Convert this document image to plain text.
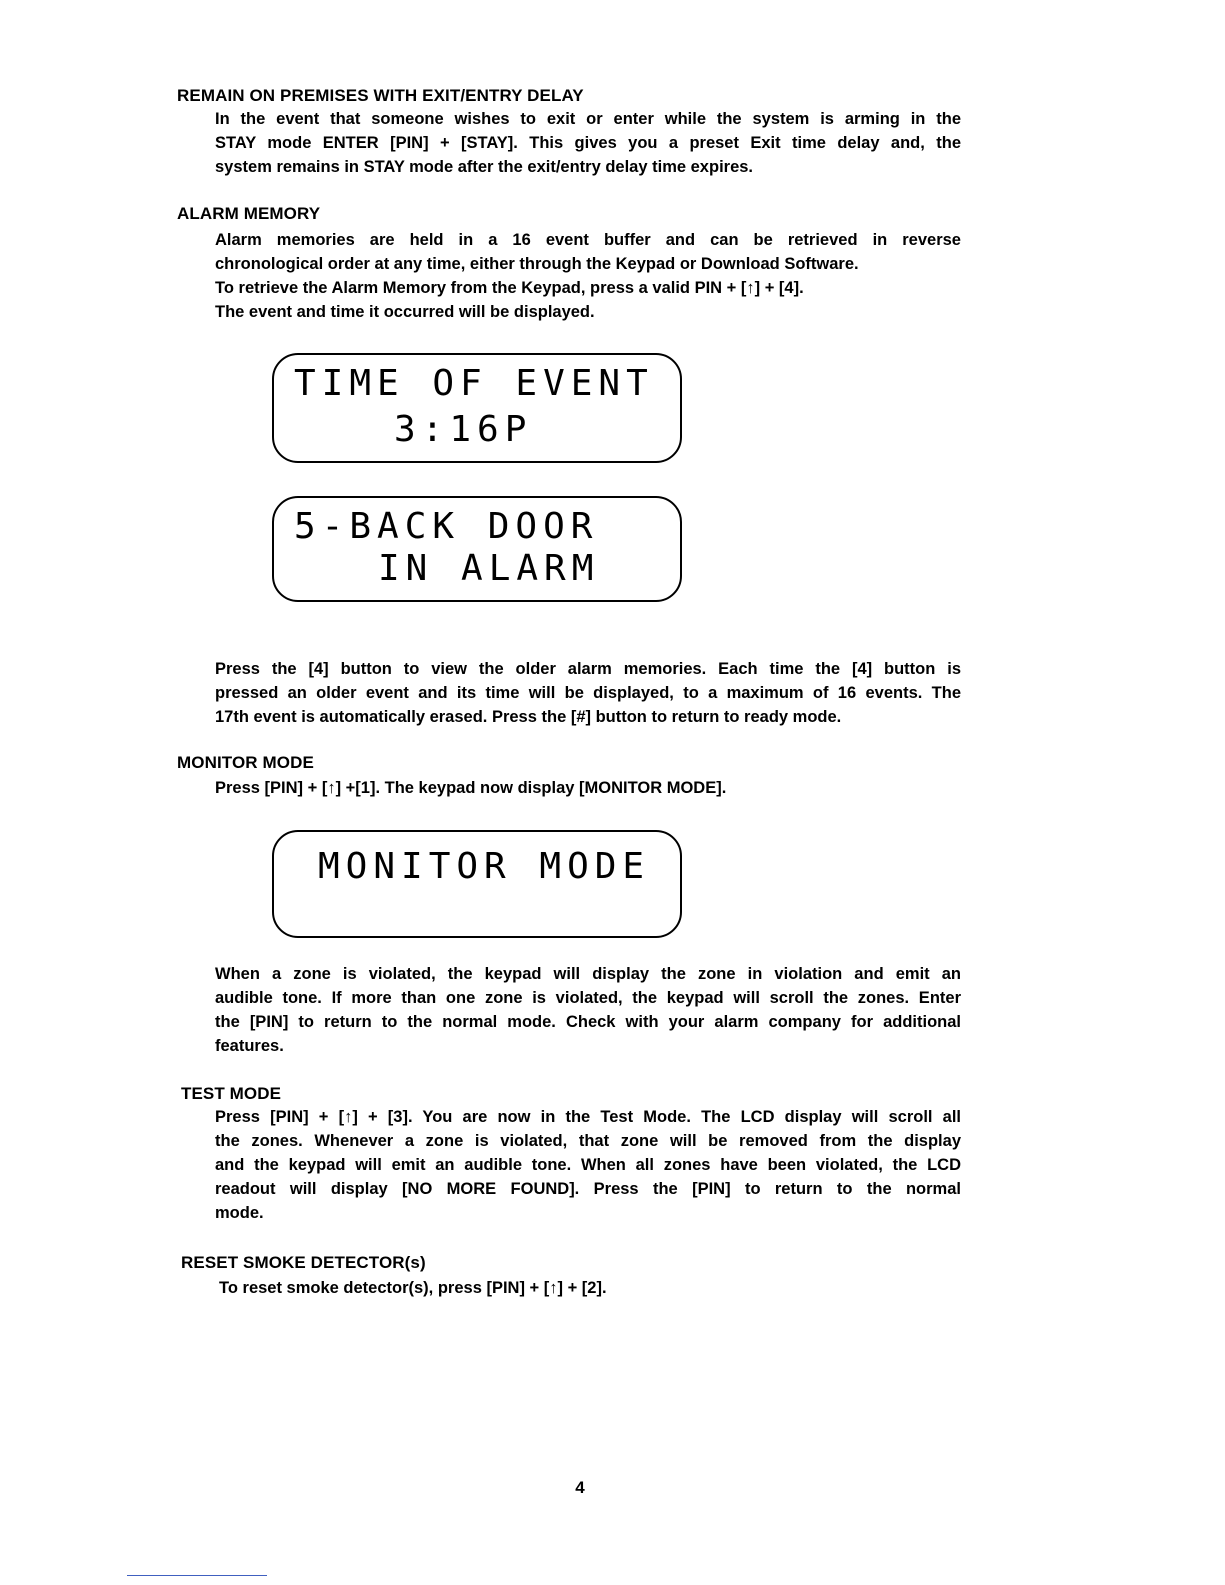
REMAIN ON PREMISES WITH EXIT/ENTRY DELAY
In the event that someone wishes to exit or enter while the system is arming in the
STAY mode ENTER [PIN] + [STAY]. This gives you a preset Exit time delay and, the
system remains in STAY mode after the exit/entry delay time expires.
ALARM MEMORY
Alarm memories are held in a 16 event buffer and can be retrieved in reverse
chronological order at any time, either through the Keypad or Download Software.
To retrieve the Alarm Memory from the Keypad, press a valid PIN + [↑] + [4].
The event and time it occurred will be displayed.
TIME OF EVENT
3:16P
5-BACK DOOR
IN ALARM
Press the [4] button to view the older alarm memories. Each time the [4] button is
pressed an older event and its time will be displayed, to a maximum of 16 events. The
17th event is automatically erased. Press the [#] button to return to ready mode.
MONITOR MODE
Press [PIN] + [↑] +[1]. The keypad now display [MONITOR MODE].
MONITOR MODE
When a zone is violated, the keypad will display the zone in violation and emit an
audible tone. If more than one zone is violated, the keypad will scroll the zones. Enter
the [PIN] to return to the normal mode. Check with your alarm company for additional
features.
TEST MODE
Press [PIN] + [↑] + [3]. You are now in the Test Mode. The LCD display will scroll all
the zones. Whenever a zone is violated, that zone will be removed from the display
and the keypad will emit an audible tone. When all zones have been violated, the LCD
readout will display [NO MORE FOUND]. Press the [PIN] to return to the normal
mode.
RESET SMOKE DETECTOR(s)
To reset smoke detector(s), press [PIN] + [↑] + [2].
4
